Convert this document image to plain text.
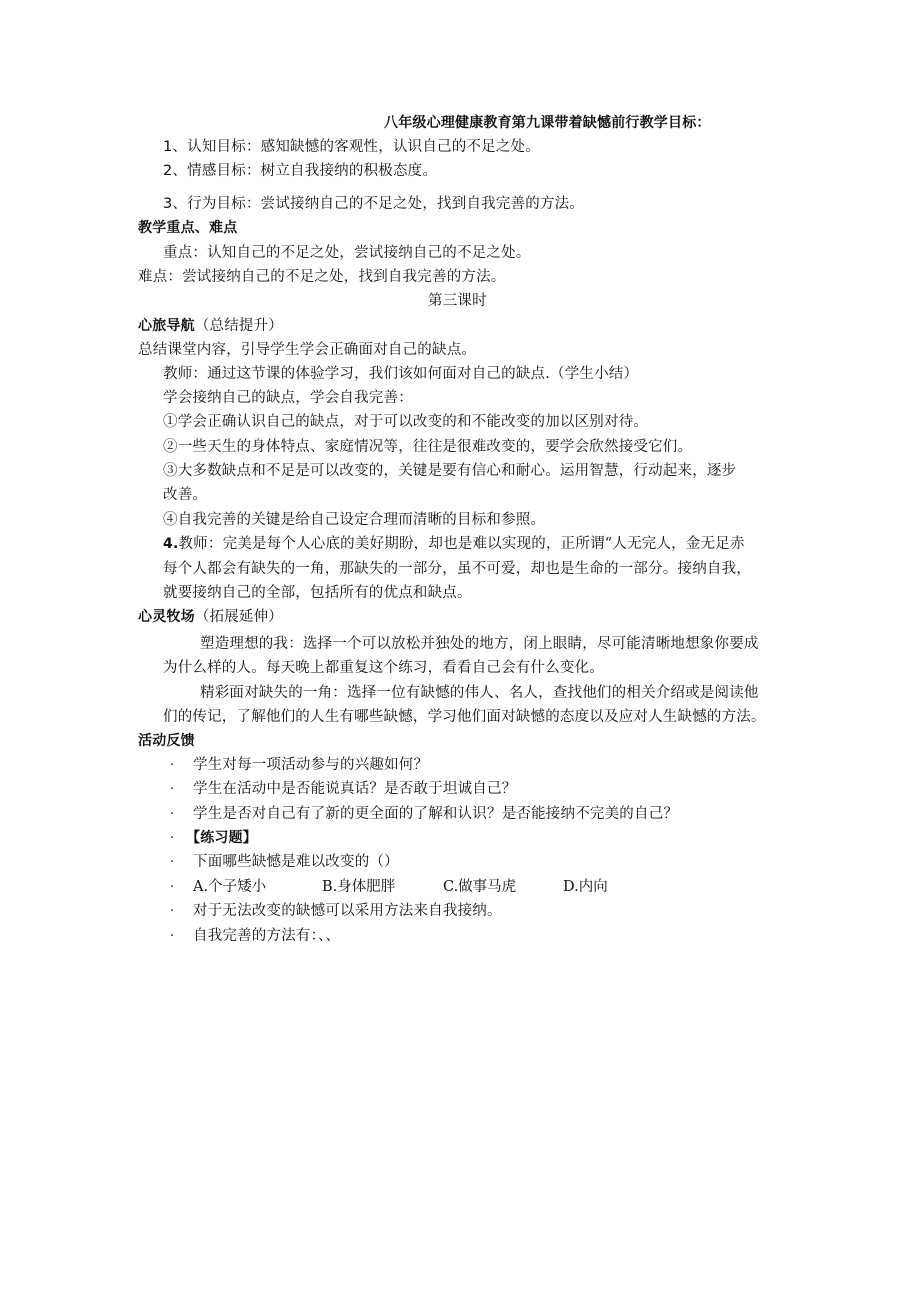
八年级心理健康教育第九课带着缺憾前行教学目标：
1、认知目标：感知缺憾的客观性，认识自己的不足之处。
2、情感目标：树立自我接纳的积极态度。
3、行为目标：尝试接纳自己的不足之处，找到自我完善的方法。
教学重点、难点
重点：认知自己的不足之处，尝试接纳自己的不足之处。
难点：尝试接纳自己的不足之处，找到自我完善的方法。
第三课时
心旅导航（总结提升）
总结课堂内容，引导学生学会正确面对自己的缺点。
教师：通过这节课的体验学习，我们该如何面对自己的缺点.（学生小结）
学会接纳自己的缺点，学会自我完善：
①学会正确认识自己的缺点，对于可以改变的和不能改变的加以区别对待。
②一些天生的身体特点、家庭情况等，往往是很难改变的，要学会欣然接受它们。
③大多数缺点和不足是可以改变的，关键是要有信心和耐心。运用智慧，行动起来，逐步
改善。
④自我完善的关键是给自己设定合理而清晰的目标和参照。
4.教师：完美是每个人心底的美好期盼，却也是难以实现的，正所谓“人无完人，金无足赤
每个人都会有缺失的一角，那缺失的一部分，虽不可爱，却也是生命的一部分。接纳自我，
就要接纳自己的全部，包括所有的优点和缺点。
心灵牧场（拓展延伸）
塑造理想的我：选择一个可以放松并独处的地方，闭上眼睛，尽可能清晰地想象你要成
为什么样的人。每天晚上都重复这个练习，看看自己会有什么变化。
精彩面对缺失的一角：选择一位有缺憾的伟人、名人，查找他们的相关介绍或是阅读他
们的传记，了解他们的人生有哪些缺憾，学习他们面对缺憾的态度以及应对人生缺憾的方法。
活动反馈
· 学生对每一项活动参与的兴趣如何？
· 学生在活动中是否能说真话？是否敢于坦诚自己？
· 学生是否对自己有了新的更全面的了解和认识？是否能接纳不完美的自己？
· 【练习题】
· 下面哪些缺憾是难以改变的（）
· A.个子矮小	B.身体肥胖	C.做事马虎	D.内向
· 对于无法改变的缺憾可以采用方法来自我接纳。
· 自我完善的方法有：、、
